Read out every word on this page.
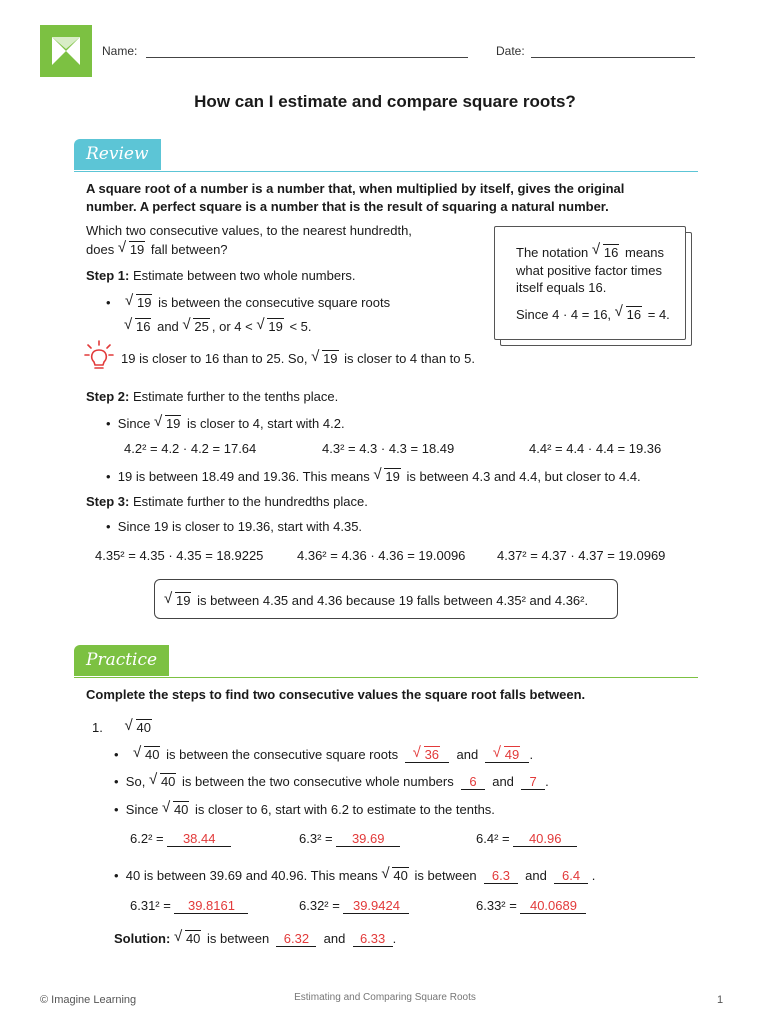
Name:	Date:
How can I estimate and compare square roots?
Review
A square root of a number is a number that, when multiplied by itself, gives the original
number. A perfect square is a number that is the result of squaring a natural number.
Which two consecutive values, to the nearest hundredth,
does √ 19 fall between?
Step 1: Estimate between two whole numbers.
• √ 19 is between the consecutive square roots
√ 16 and √ 25 , or 4 < √ 19 < 5.
The notation √ 16 means
what positive factor times
itself equals 16.
Since 4 · 4 = 16, √ 16 = 4.
19 is closer to 16 than to 25. So, √ 19 is closer to 4 than to 5.
Step 2: Estimate further to the tenths place.
• Since √ 19 is closer to 4, start with 4.2.
4.2² = 4.2 · 4.2 = 17.64	4.3² = 4.3 · 4.3 = 18.49	4.4² = 4.4 · 4.4 = 19.36
• 19 is between 18.49 and 19.36. This means √ 19 is between 4.3 and 4.4, but closer to 4.4.
Step 3: Estimate further to the hundredths place.
• Since 19 is closer to 19.36, start with 4.35.
4.35² = 4.35 · 4.35 = 18.9225	4.36² = 4.36 · 4.36 = 19.0096 4.37² = 4.37 · 4.37 = 19.0969
√ 19 is between 4.35 and 4.36 because 19 falls between 4.35² and 4.36².
Practice
Complete the steps to find two consecutive values the square root falls between.
1. √ 40
• √ 40 is between the consecutive square roots √ 36 and √ 49 .
• So, √ 40 is between the two consecutive whole numbers 6 and 7 .
• Since √ 40 is closer to 6, start with 6.2 to estimate to the tenths.
6.2² = 38.44	6.3² = 39.69	6.4² = 40.96
• 40 is between 39.69 and 40.96. This means √ 40 is between 6.3 and 6.4 .
6.31² = 39.8161	6.32² = 39.9424	6.33² = 40.0689
Solution: √ 40 is between 6.32 and 6.33 .
© Imagine Learning	Estimating and Comparing Square Roots	1
